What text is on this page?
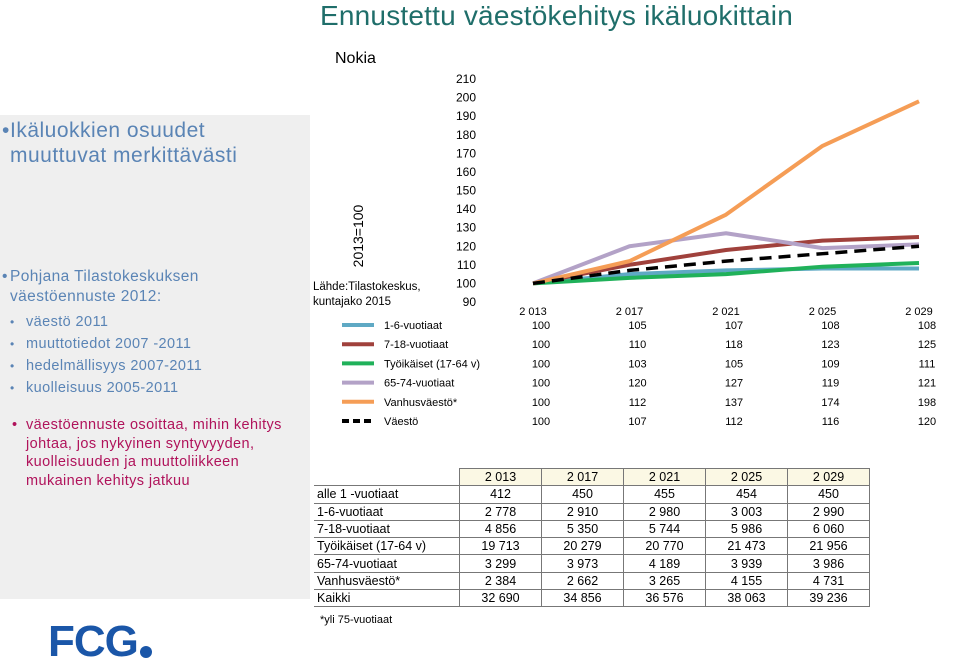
Ennustettu väestökehitys ikäluokittain
• Ikäluokkien osuudet muuttuvat merkittävästi
• Pohjana Tilastokeskuksen väestöennuste 2012:
• väestö 2011
• muuttotiedot 2007 -2011
• hedelmällisyys 2007-2011
• kuolleisuus 2005-2011
• väestöennuste osoittaa, mihin kehitys johtaa, jos nykyinen syntyvyyden, kuolleisuuden ja muuttoliikkeen mukainen kehitys jatkuu
FCG
Nokia
2013=100
Lähde:Tilastokeskus, kuntajako 2015	90
100
110
120
130
140
150
160
170
180
190
200
210
2 013	2 017	2 021	2 025	2 029
1-6-vuotiaat	100	105	107	108	108
7-18-vuotiaat	100	110	118	123	125
Työikäiset (17-64 v)	100	103	105	109	111
65-74-vuotiaat	100	120	127	119	121
Vanhusväestö*	100	112	137	174	198
Väestö	100	107	112	116	120
	2 013	2 017	2 021	2 025	2 029
alle 1 -vuotiaat	412	450	455	454	450
1-6-vuotiaat	2 778	2 910	2 980	3 003	2 990
7-18-vuotiaat	4 856	5 350	5 744	5 986	6 060
Työikäiset (17-64 v)	19 713	20 279	20 770	21 473	21 956
65-74-vuotiaat	3 299	3 973	4 189	3 939	3 986
Vanhusväestö*	2 384	2 662	3 265	4 155	4 731
Kaikki	32 690	34 856	36 576	38 063	39 236
*yli 75-vuotiaat
